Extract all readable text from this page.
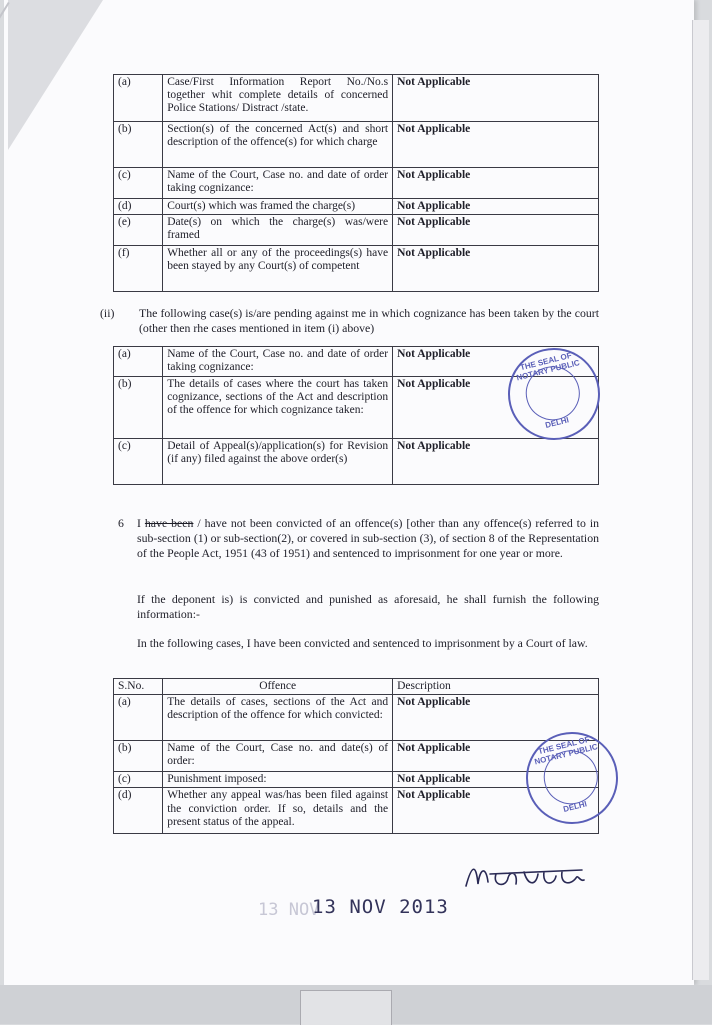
(a)	Case/First Information Report No./No.s together whit complete details of concerned Police Stations/ Distract /state.	Not Applicable
(b)	Section(s) of the concerned Act(s) and short description of the offence(s) for which charge	Not Applicable
(c)	Name of the Court, Case no. and date of order taking cognizance:	Not Applicable
(d)	Court(s) which was framed the charge(s)	Not Applicable
(e)	Date(s) on which the charge(s) was/were framed	Not Applicable
(f)	Whether all or any of the proceedings(s) have been stayed by any Court(s) of competent	Not Applicable
(ii)	The following case(s) is/are pending against me in which cognizance has been taken by the court (other then rhe cases mentioned in item (i) above)
(a)	Name of the Court, Case no. and date of order taking cognizance:	Not Applicable
(b)	The details of cases where the court has taken cognizance, sections of the Act and description of the offence for which cognizance taken:	Not Applicable
(c)	Detail of Appeal(s)/application(s) for Revision (if any) filed against the above order(s)	Not Applicable
THE SEAL OF NOTARY PUBLIC
DELHI
6	I have been / have not been convicted of an offence(s) [other than any offence(s) referred to in sub-section (1) or sub-section(2), or covered in sub-section (3), of section 8 of the Representation of the People Act, 1951 (43 of 1951) and sentenced to imprisonment for one year or more.
If the deponent is) is convicted and punished as aforesaid, he shall furnish the following information:-
In the following cases, I have been convicted and sentenced to imprisonment by a Court of law.
S.No.	Offence	Description
(a)	The details of cases, sections of the Act and description of the offence for which convicted:	Not Applicable
(b)	Name of the Court, Case no. and date(s) of order:	Not Applicable
(c)	Punishment imposed:	Not Applicable
(d)	Whether any appeal was/has been filed against the conviction order. If so, details and the present status of the appeal.	Not Applicable
THE SEAL OF NOTARY PUBLIC
DELHI
13 NOV
13 NOV 2013
